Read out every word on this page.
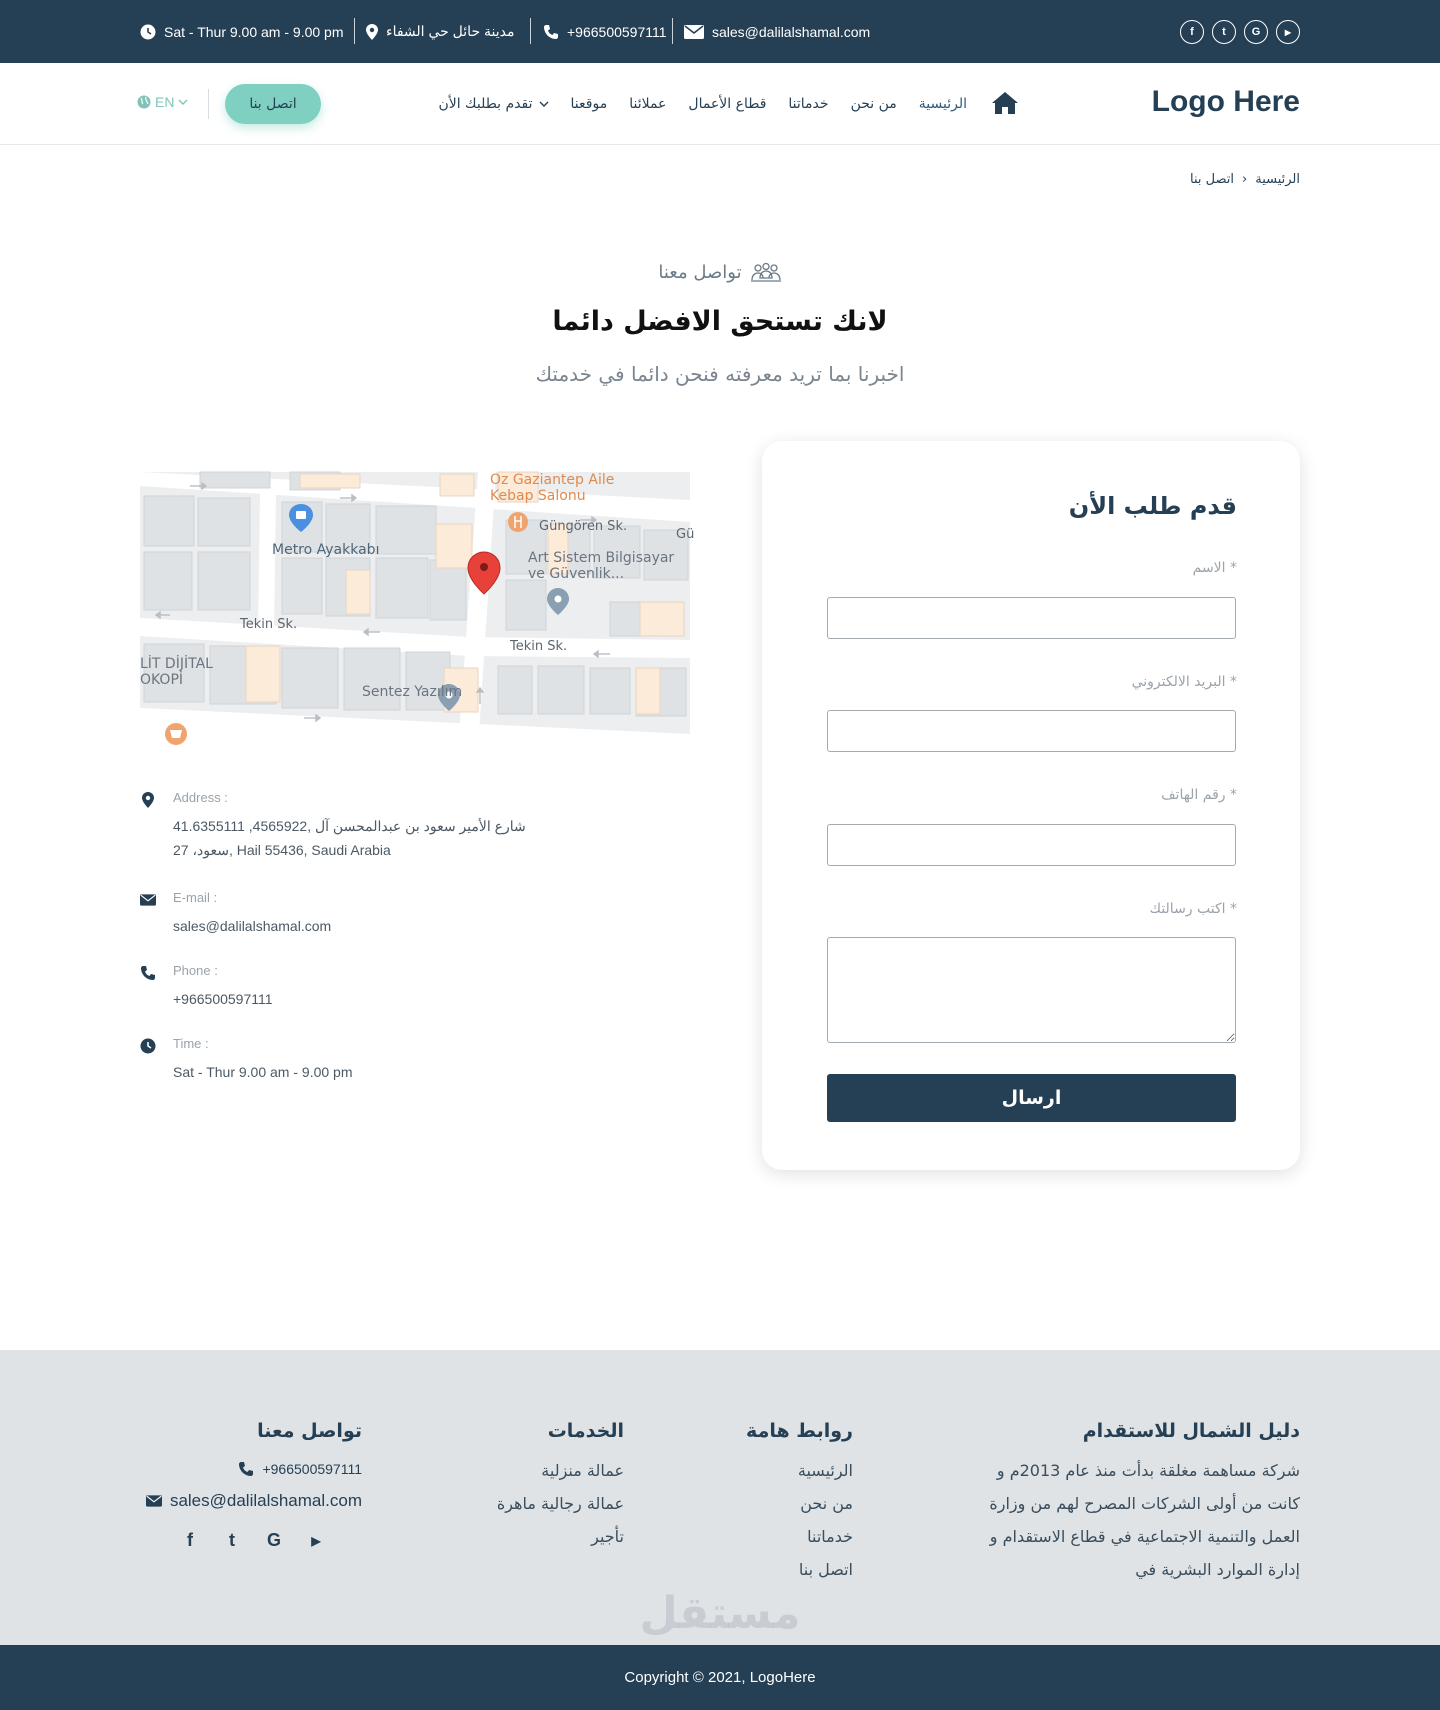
Sat - Thur 9.00 am - 9.00 pm	مدينة حائل حي الشفاء	+966500597111	sales@dalilalshamal.com	f	t	G	▶
Logo Here
الرئيسية
من نحن
خدماتنا
قطاع الأعمال
عملائنا
موقعنا
تقدم بطلبك الأن
اتصل بنا
EN
الرئيسية
›
اتصل بنا
تواصل معنا
لانك تستحق الافضل دائما
اخبرنا بما تريد معرفته فنحن دائما في خدمتك
Oz Gaziantep Aile
Kebap Salonu
Metro Ayakkabı
Güngören Sk.
Art Sistem Bilgisayar
ve Güvenlik...
Tekin Sk.
Tekin Sk.
LİT DİJİTAL
OKOPİ
Sentez Yazılım
Gü
Address :
شارع الأمير سعود بن عبدالمحسن آل ,4565922, 41.6355111
سعود، 27, Hail 55436, Saudi Arabia
E-mail :
sales@dalilalshamal.com
Phone :
+966500597111
Time :
Sat - Thur 9.00 am - 9.00 pm
قدم طلب الأن
الاسم *
البريد الالكتروني *
رقم الهاتف *
اكتب رسالتك *
ارسال
دليل الشمال للاستقدام
شركة مساهمة مغلقة بدأت منذ عام 2013م و كانت من أولى الشركات المصرح لهم من وزارة العمل والتنمية الاجتماعية في قطاع الاستقدام و إدارة الموارد البشرية في
روابط هامة
الرئيسية
من نحن
خدماتنا
اتصل بنا
الخدمات
عمالة منزلية
عمالة رجالية ماهرة
تأجير
تواصل معنا
+966500597111
sales@dalilalshamal.com
f	t	G	▶
مستقل
Copyright © 2021, LogoHere
